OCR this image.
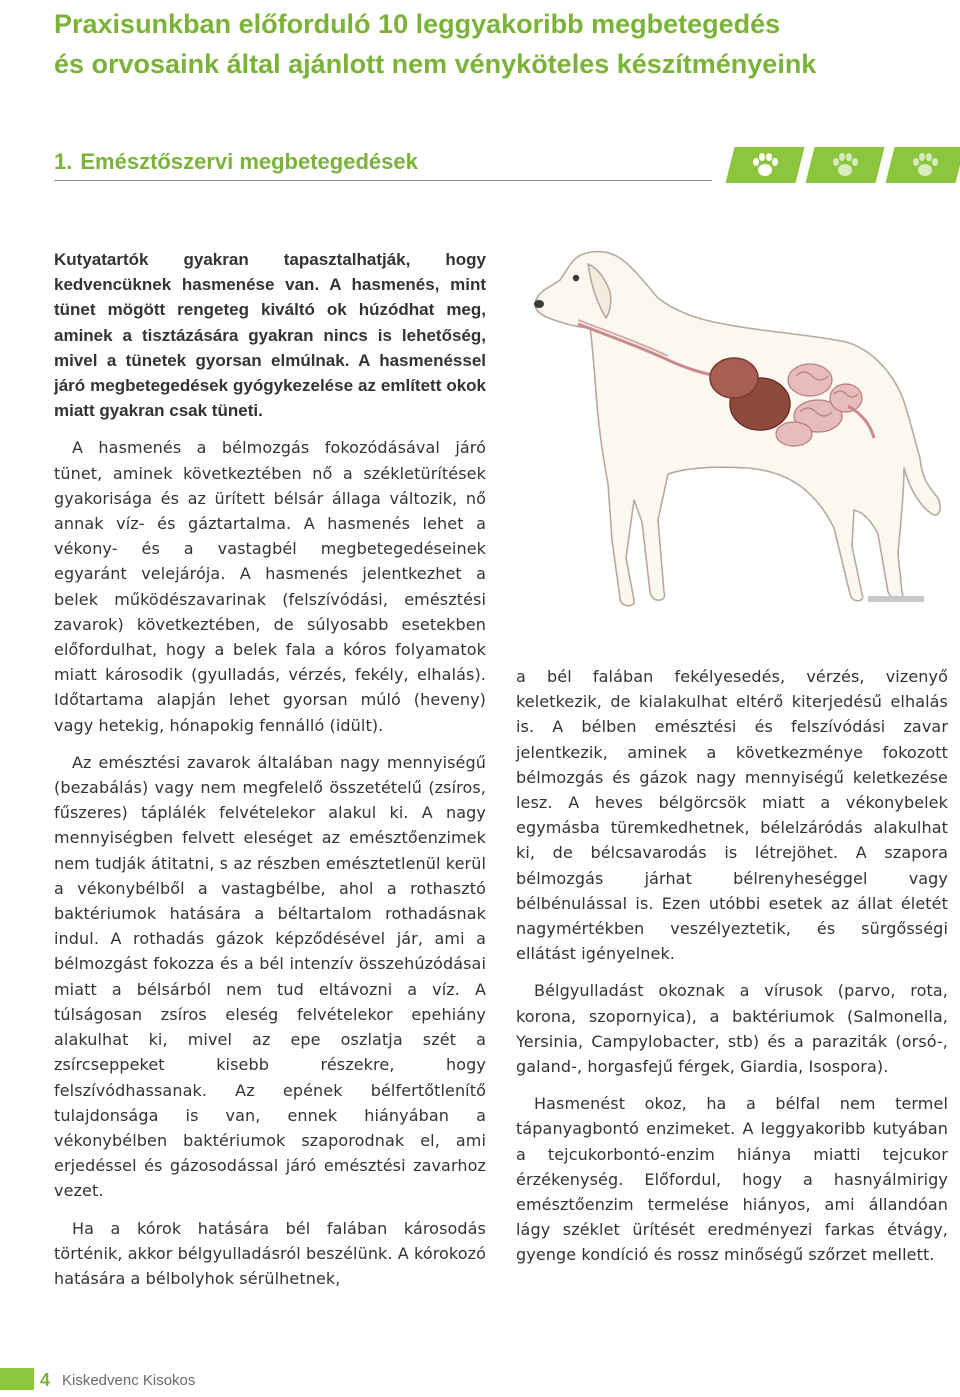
Praxisunkban előforduló 10 leggyakoribb megbetegedés
és orvosaink által ajánlott nem vényköteles készítményeink
1. Emésztőszervi megbetegedések

Kutyatartók gyakran tapasztalhatják, hogy kedvencüknek hasmenése van. A hasmenés, mint tünet mögött rengeteg kiváltó ok húzódhat meg, aminek a tisztázására gyakran nincs is lehetőség, mivel a tünetek gyorsan elmúlnak. A hasmenéssel járó megbetegedések gyógykezelése az említett okok miatt gyakran csak tüneti.

A hasmenés a bélmozgás fokozódásával járó tünet, aminek következtében nő a székletürítések gyakorisága és az ürített bélsár állaga változik, nő annak víz- és gáztartalma. A hasmenés lehet a vékony- és a vastagbél megbetegedéseinek egyaránt velejárója. A hasmenés jelentkezhet a belek működészavarinak (felszívódási, emésztési zavarok) következtében, de súlyosabb esetekben előfordulhat, hogy a belek fala a kóros folyamatok miatt károsodik (gyulladás, vérzés, fekély, elhalás). Időtartama alapján lehet gyorsan múló (heveny) vagy hetekig, hónapokig fennálló (idült).

Az emésztési zavarok általában nagy mennyiségű (bezabálás) vagy nem megfelelő összetételű (zsíros, fűszeres) táplálék felvételekor alakul ki. A nagy mennyiségben felvett eleséget az emésztőenzimek nem tudják átitatni, s az részben emésztetlenül kerül a vékonybélből a vastagbélbe, ahol a rothasztó baktériumok hatására a béltartalom rothadásnak indul. A rothadás gázok képződésével jár, ami a bélmozgást fokozza és a bél intenzív összehúzódásai miatt a bélsárból nem tud eltávozni a víz. A túlságosan zsíros eleség felvételekor epehiány alakulhat ki, mivel az epe oszlatja szét a zsírcseppeket kisebb részekre, hogy felszívódhassanak. Az epének bélfertőtlenítő tulajdonsága is van, ennek hiányában a vékonybélben baktériumok szaporodnak el, ami erjedéssel és gázosodással járó emésztési zavarhoz vezet.

Ha a kórok hatására bél falában károsodás történik, akkor bélgyulladásról beszélünk. A kórokozó hatására a bélbolyhok sérülhetnek,

a bél falában fekélyesedés, vérzés, vizenyő keletkezik, de kialakulhat eltérő kiterjedésű elhalás is. A bélben emésztési és felszívódási zavar jelentkezik, aminek a következménye fokozott bélmozgás és gázok nagy mennyiségű keletkezése lesz. A heves bélgörcsök miatt a vékonybelek egymásba türemkedhetnek, bélelzáródás alakulhat ki, de bélcsavarodás is létrejöhet. A szapora bélmozgás járhat bélrenyheséggel vagy bélbénulással is. Ezen utóbbi esetek az állat életét nagymértékben veszélyeztetik, és sürgősségi ellátást igényelnek.

Bélgyulladást okoznak a vírusok (parvo, rota, korona, szopornyica), a baktériumok (Salmonella, Yersinia, Campylobacter, stb) és a paraziták (orsó-, galand-, horgasfejű férgek, Giardia, Isospora).

Hasmenést okoz, ha a bélfal nem termel tápanyagbontó enzimeket. A leggyakoribb kutyában a tejcukorbontó-enzim hiánya miatti tejcukor érzékenység. Előfordul, hogy a hasnyálmirigy emésztőenzim termelése hiányos, ami állandóan lágy széklet ürítését eredményezi farkas étvágy, gyenge kondíció és rossz minőségű szőrzet mellett.

4 Kiskedvenc Kisokos
